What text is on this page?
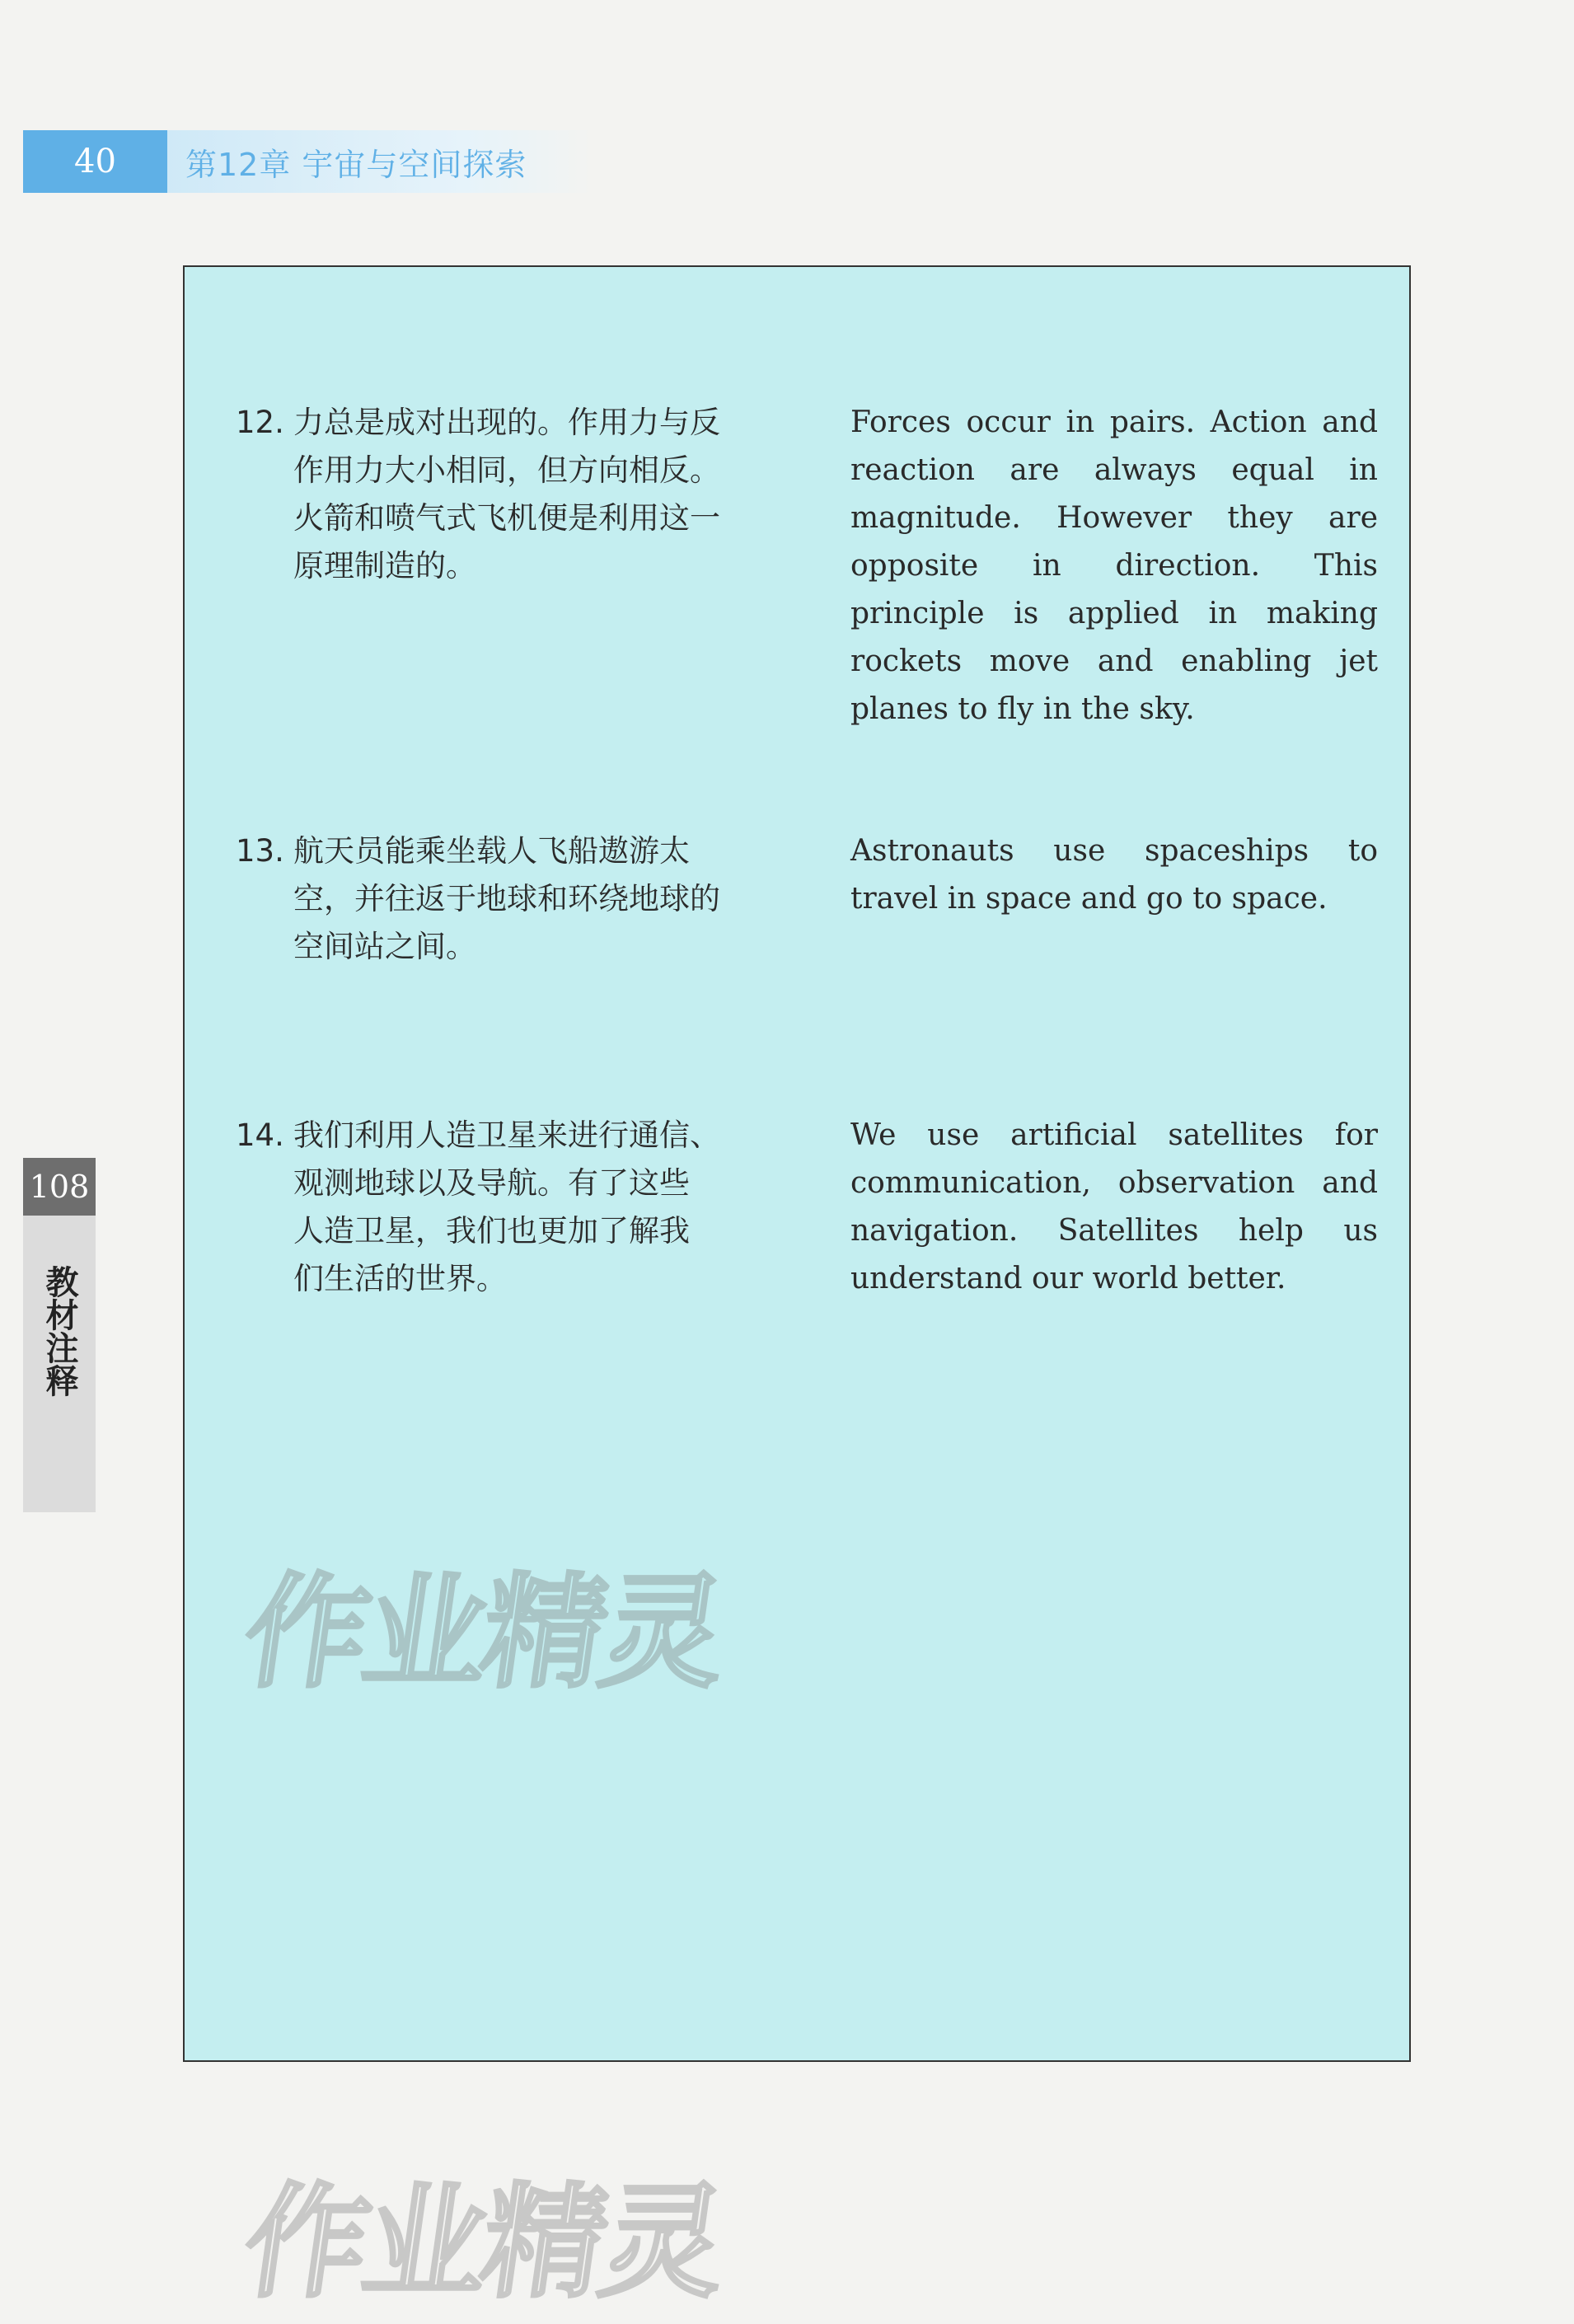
40	第12章 宇宙与空间探索
108
教材注释
12. 力总是成对出现的。作用力与反
作用力大小相同，但方向相反。
火箭和喷气式飞机便是利用这一
原理制造的。
Forces occur in pairs. Action and reaction are always equal in magnitude. However they are opposite in direction. This principle is applied in making rockets move and enabling jet planes to fly in the sky.
13. 航天员能乘坐载人飞船遨游太
空，并往返于地球和环绕地球的
空间站之间。
Astronauts use spaceships to travel in space and go to space.
14. 我们利用人造卫星来进行通信、
观测地球以及导航。有了这些
人造卫星，我们也更加了解我
们生活的世界。
We use artificial satellites for communication, observation and navigation. Satellites help us understand our world better.
作业精灵
作业精灵
